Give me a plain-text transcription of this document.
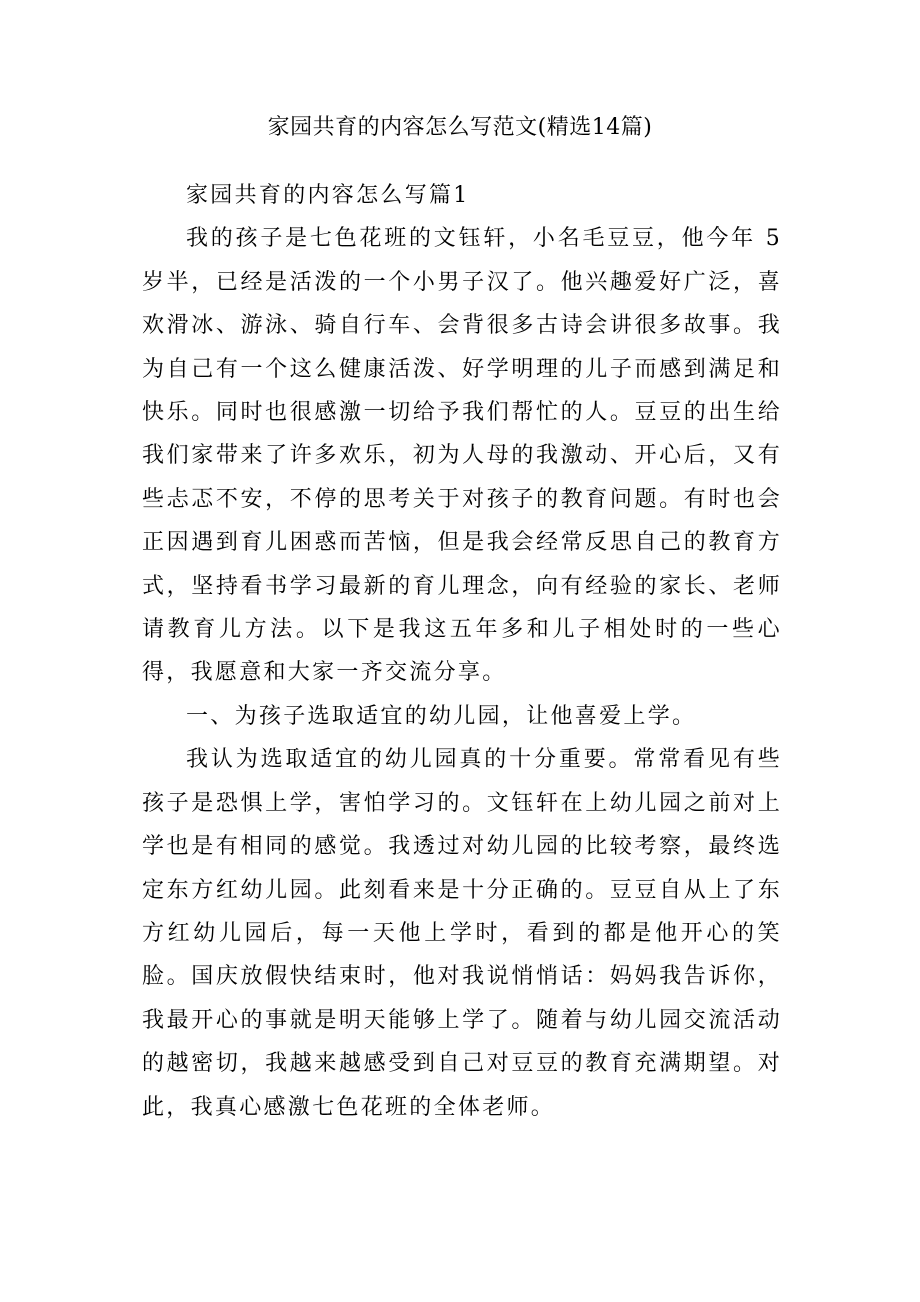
家园共育的内容怎么写范文(精选14篇)

家园共育的内容怎么写篇1

我的孩子是七色花班的文钰轩，小名毛豆豆，他今年 5 岁半，已经是活泼的一个小男子汉了。他兴趣爱好广泛，喜欢滑冰、游泳、骑自行车、会背很多古诗会讲很多故事。我为自己有一个这么健康活泼、好学明理的儿子而感到满足和快乐。同时也很感激一切给予我们帮忙的人。豆豆的出生给我们家带来了许多欢乐，初为人母的我激动、开心后，又有些忐忑不安，不停的思考关于对孩子的教育问题。有时也会正因遇到育儿困惑而苦恼，但是我会经常反思自己的教育方式，坚持看书学习最新的育儿理念，向有经验的家长、老师请教育儿方法。以下是我这五年多和儿子相处时的一些心得，我愿意和大家一齐交流分享。

一、为孩子选取适宜的幼儿园，让他喜爱上学。

我认为选取适宜的幼儿园真的十分重要。常常看见有些孩子是恐惧上学，害怕学习的。文钰轩在上幼儿园之前对上学也是有相同的感觉。我透过对幼儿园的比较考察，最终选定东方红幼儿园。此刻看来是十分正确的。豆豆自从上了东方红幼儿园后，每一天他上学时，看到的都是他开心的笑脸。国庆放假快结束时，他对我说悄悄话：妈妈我告诉你，我最开心的事就是明天能够上学了。随着与幼儿园交流活动的越密切，我越来越感受到自己对豆豆的教育充满期望。对此，我真心感激七色花班的全体老师。
